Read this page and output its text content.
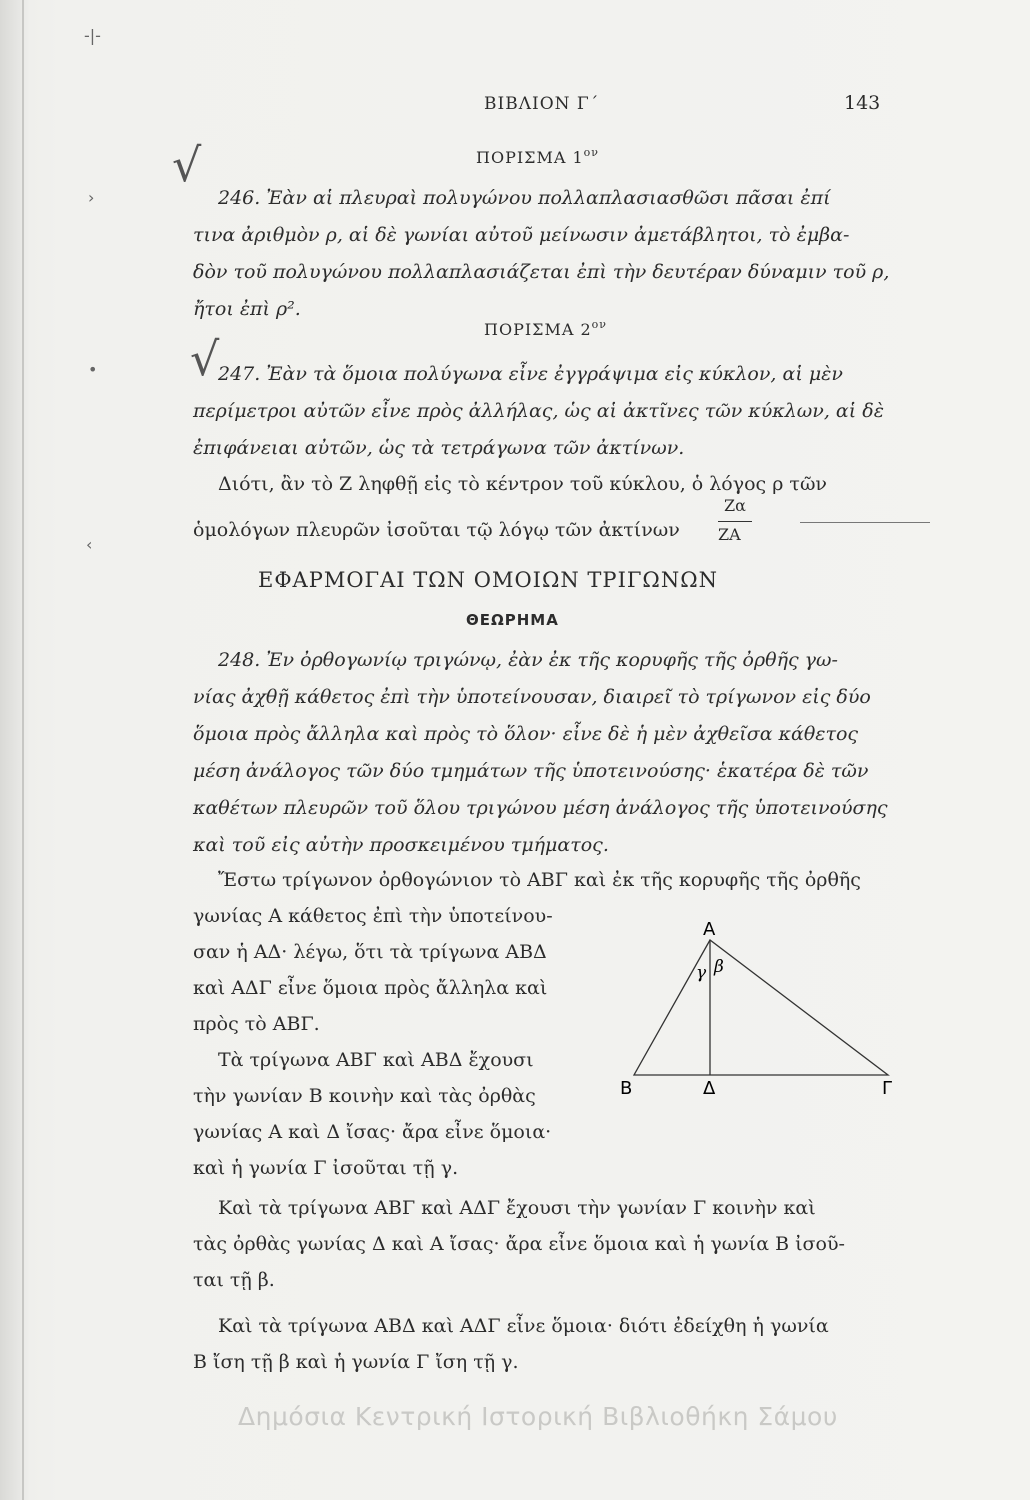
-|-
›
•
‹
ΒΙΒΛΙΟΝ Γ΄	143
ΠΟΡΙΣΜΑ $1^{o\nu}$
√
246. Ἐὰν αἱ πλευραὶ πολυγώνου πολλαπλασιασθῶσι πᾶσαι ἐπί
τινα ἀριθμὸν ρ, αἱ δὲ γωνίαι αὐτοῦ μείνωσιν ἀμετάβλητοι, τὸ ἐμβα-
δὸν τοῦ πολυγώνου πολλαπλασιάζεται ἐπὶ τὴν δευτέραν δύναμιν τοῦ ρ,
ἤτοι ἐπὶ ρ².
ΠΟΡΙΣΜΑ $2^{o\nu}$
√
247. Ἐὰν τὰ ὅμοια πολύγωνα εἶνε ἐγγράψιμα εἰς κύκλον, αἱ μὲν
περίμετροι αὐτῶν εἶνε πρὸς ἀλλήλας, ὡς αἱ ἀκτῖνες τῶν κύκλων, αἱ δὲ
ἐπιφάνειαι αὐτῶν, ὡς τὰ τετράγωνα τῶν ἀκτίνων.
Διότι, ἂν τὸ Ζ ληφθῇ εἰς τὸ κέντρον τοῦ κύκλου, ὁ λόγος ρ τῶν
ὁμολόγων πλευρῶν ἰσοῦται τῷ λόγῳ τῶν ἀκτίνων
Ζα
ΖΑ
ΕΦΑΡΜΟΓΑΙ ΤΩΝ ΟΜΟΙΩΝ ΤΡΙΓΩΝΩΝ
ΘΕΩΡΗΜΑ
248. Ἐν ὀρθογωνίῳ τριγώνῳ, ἐὰν ἐκ τῆς κορυφῆς τῆς ὀρθῆς γω-
νίας ἀχθῇ κάθετος ἐπὶ τὴν ὑποτείνουσαν, διαιρεῖ τὸ τρίγωνον εἰς δύο
ὅμοια πρὸς ἄλληλα καὶ πρὸς τὸ ὅλον· εἶνε δὲ ἡ μὲν ἀχθεῖσα κάθετος
μέση ἀνάλογος τῶν δύο τμημάτων τῆς ὑποτεινούσης· ἑκατέρα δὲ τῶν
καθέτων πλευρῶν τοῦ ὅλου τριγώνου μέση ἀνάλογος τῆς ὑποτεινούσης
καὶ τοῦ εἰς αὐτὴν προσκειμένου τμήματος.
Ἔστω τρίγωνον ὀρθογώνιον τὸ ΑΒΓ καὶ ἐκ τῆς κορυφῆς τῆς ὀρθῆς
γωνίας Α κάθετος ἐπὶ τὴν ὑποτείνου-
σαν ἡ ΑΔ· λέγω, ὅτι τὰ τρίγωνα ΑΒΔ
καὶ ΑΔΓ εἶνε ὅμοια πρὸς ἄλληλα καὶ
πρὸς τὸ ΑΒΓ.
Τὰ τρίγωνα ΑΒΓ καὶ ΑΒΔ ἔχουσι
τὴν γωνίαν Β κοινὴν καὶ τὰς ὀρθὰς
γωνίας Α καὶ Δ ἴσας· ἄρα εἶνε ὅμοια·
καὶ ἡ γωνία Γ ἰσοῦται τῇ γ.
Καὶ τὰ τρίγωνα ΑΒΓ καὶ ΑΔΓ ἔχουσι τὴν γωνίαν Γ κοινὴν καὶ
τὰς ὀρθὰς γωνίας Δ καὶ Α ἴσας· ἄρα εἶνε ὅμοια καὶ ἡ γωνία Β ἰσοῦ-
ται τῇ β.
Καὶ τὰ τρίγωνα ΑΒΔ καὶ ΑΔΓ εἶνε ὅμοια· διότι ἐδείχθη ἡ γωνία
Β ἴση τῇ β καὶ ἡ γωνία Γ ἴση τῇ γ.
Α
Β	Δ	Γ
γ β
Δημόσια Κεντρική Ιστορική Βιβλιοθήκη Σάμου
